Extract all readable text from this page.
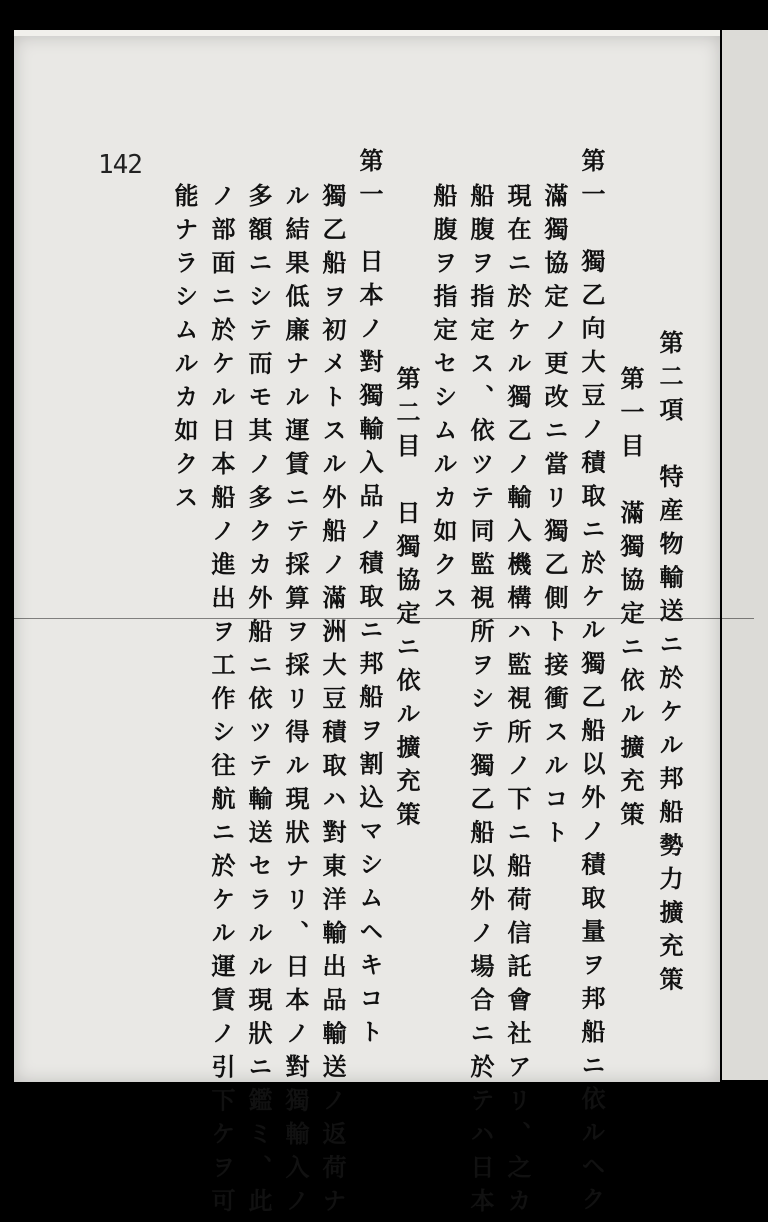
142
第二項　特産物輸送ニ於ケル邦船勢力擴充策
第一目　滿獨協定ニ依ル擴充策
第一　獨乙向大豆ノ積取ニ於ケル獨乙船以外ノ積取量ヲ邦船ニ依ルヘク
滿獨協定ノ更改ニ當リ獨乙側ト接衝スルコト
現在ニ於ケル獨乙ノ輸入機構ハ監視所ノ下ニ船荷信託會社アリ、之カ
船腹ヲ指定ス、依ツテ同監視所ヲシテ獨乙船以外ノ場合ニ於テハ日本
船腹ヲ指定セシムルカ如クス
第二目　日獨協定ニ依ル擴充策
第一　日本ノ對獨輸入品ノ積取ニ邦船ヲ割込マシムヘキコト
獨乙船ヲ初メトスル外船ノ滿洲大豆積取ハ對東洋輸出品輸送ノ返荷ナ
ル結果低廉ナル運賃ニテ採算ヲ採リ得ル現狀ナリ、日本ノ對獨輸入ノ
多額ニシテ而モ其ノ多クカ外船ニ依ツテ輸送セラルル現狀ニ鑑ミ、此
ノ部面ニ於ケル日本船ノ進出ヲ工作シ往航ニ於ケル運賃ノ引下ケヲ可
能ナラシムルカ如クス
